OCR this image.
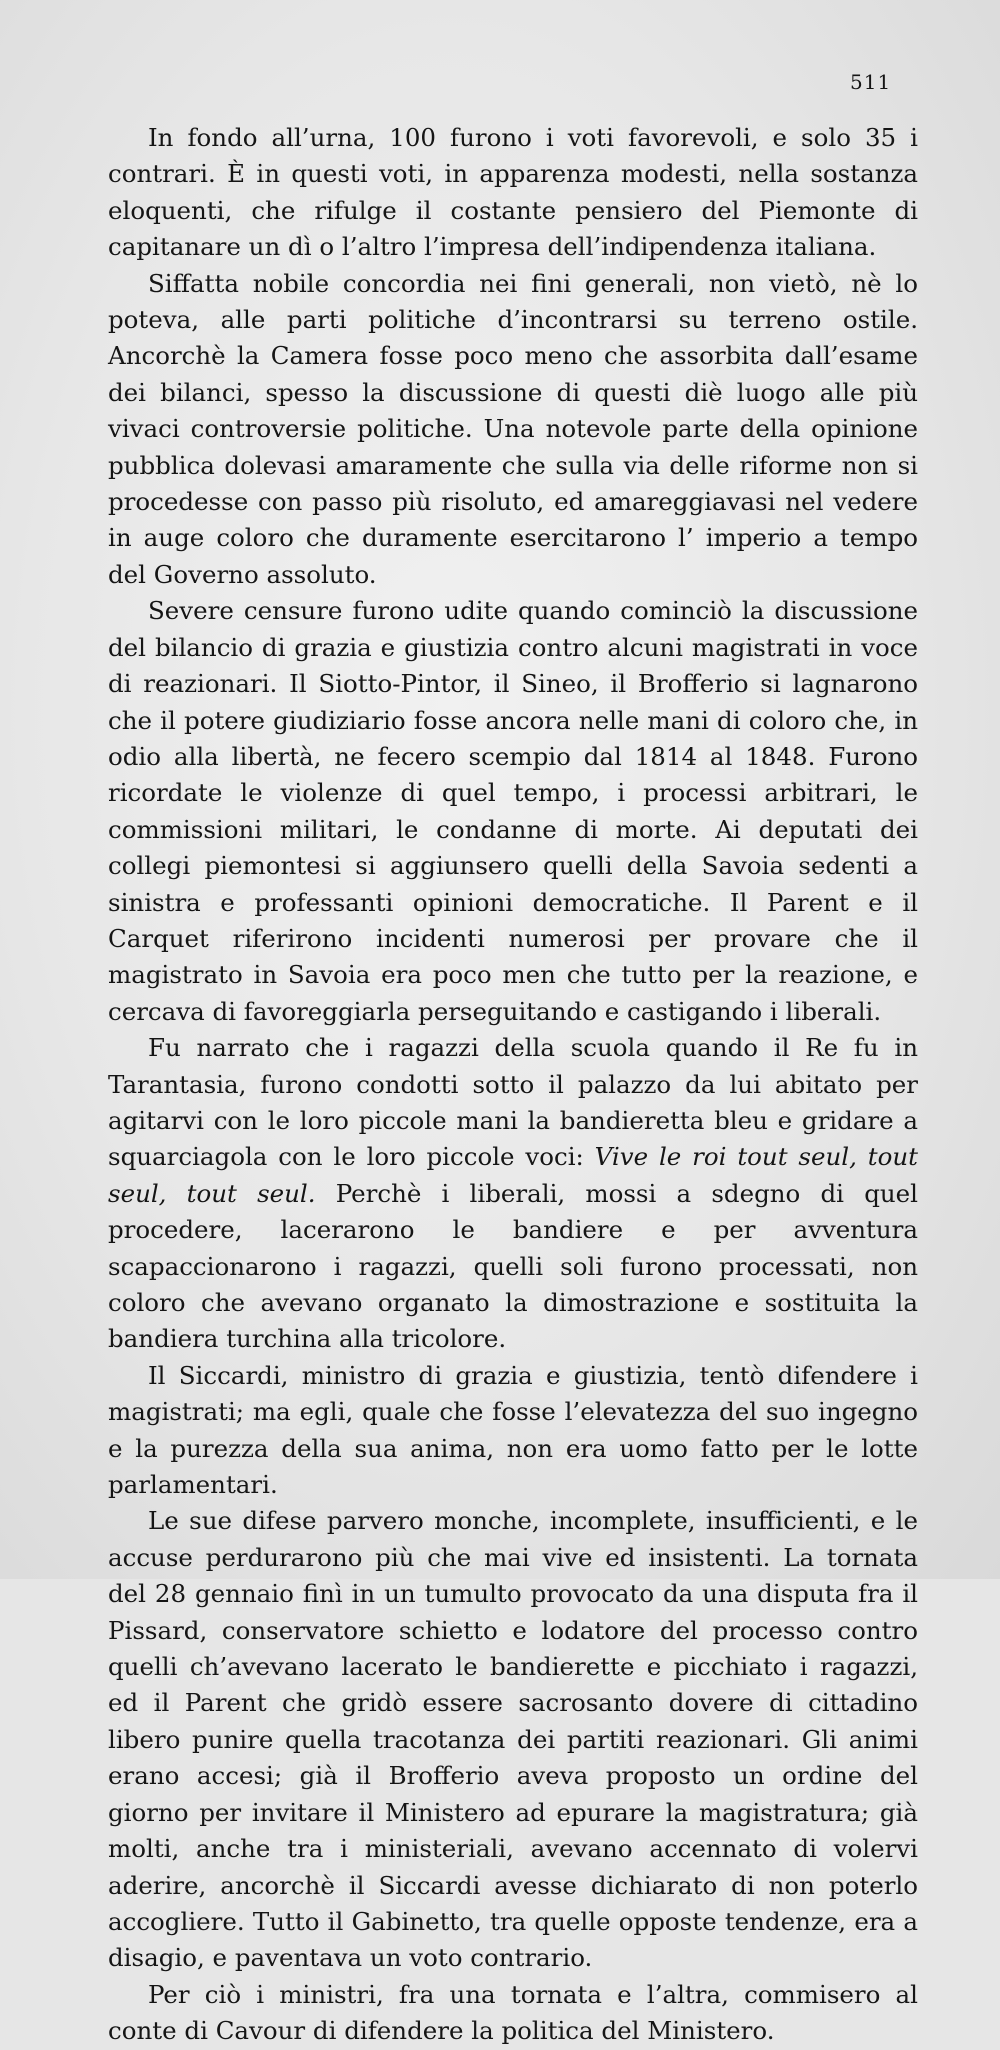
511

In fondo all’urna, 100 furono i voti favorevoli, e solo 35 i contrari. È in questi voti, in apparenza modesti, nella sostanza eloquenti, che rifulge il costante pensiero del Piemonte di capitanare un dì o l’altro l’impresa dell’indipendenza italiana.

Siffatta nobile concordia nei fini generali, non vietò, nè lo poteva, alle parti politiche d’incontrarsi su terreno ostile. Ancorchè la Camera fosse poco meno che assorbita dall’esame dei bilanci, spesso la discussione di questi diè luogo alle più vivaci controversie politiche. Una notevole parte della opinione pubblica dolevasi amaramente che sulla via delle riforme non si procedesse con passo più risoluto, ed amareggiavasi nel vedere in auge coloro che duramente esercitarono l’ imperio a tempo del Governo assoluto.

Severe censure furono udite quando cominciò la discussione del bilancio di grazia e giustizia contro alcuni magistrati in voce di reazionari. Il Siotto-Pintor, il Sineo, il Brofferio si lagnarono che il potere giudiziario fosse ancora nelle mani di coloro che, in odio alla libertà, ne fecero scempio dal 1814 al 1848. Furono ricordate le violenze di quel tempo, i processi arbitrari, le commissioni militari, le condanne di morte. Ai deputati dei collegi piemontesi si aggiunsero quelli della Savoia sedenti a sinistra e professanti opinioni democratiche. Il Parent e il Carquet riferirono incidenti numerosi per provare che il magistrato in Savoia era poco men che tutto per la reazione, e cercava di favoreggiarla perseguitando e castigando i liberali.

Fu narrato che i ragazzi della scuola quando il Re fu in Tarantasia, furono condotti sotto il palazzo da lui abitato per agitarvi con le loro piccole mani la bandieretta bleu e gridare a squarciagola con le loro piccole voci: Vive le roi tout seul, tout seul, tout seul. Perchè i liberali, mossi a sdegno di quel procedere, lacerarono le bandiere e per avventura scapaccionarono i ragazzi, quelli soli furono processati, non coloro che avevano organato la dimostrazione e sostituita la bandiera turchina alla tricolore.

Il Siccardi, ministro di grazia e giustizia, tentò difendere i magistrati; ma egli, quale che fosse l’elevatezza del suo ingegno e la purezza della sua anima, non era uomo fatto per le lotte parlamentari.

Le sue difese parvero monche, incomplete, insufficienti, e le accuse perdurarono più che mai vive ed insistenti. La tornata del 28 gennaio finì in un tumulto provocato da una disputa fra il Pissard, conservatore schietto e lodatore del processo contro quelli ch’avevano lacerato le bandierette e picchiato i ragazzi, ed il Parent che gridò essere sacrosanto dovere di cittadino libero punire quella tracotanza dei partiti reazionari. Gli animi erano accesi; già il Brofferio aveva proposto un ordine del giorno per invitare il Ministero ad epurare la magistratura; già molti, anche tra i ministeriali, avevano accennato di volervi aderire, ancorchè il Siccardi avesse dichiarato di non poterlo accogliere. Tutto il Gabinetto, tra quelle opposte tendenze, era a disagio, e paventava un voto contrario.

Per ciò i ministri, fra una tornata e l’altra, commisero al conte di Cavour di difendere la politica del Ministero.
